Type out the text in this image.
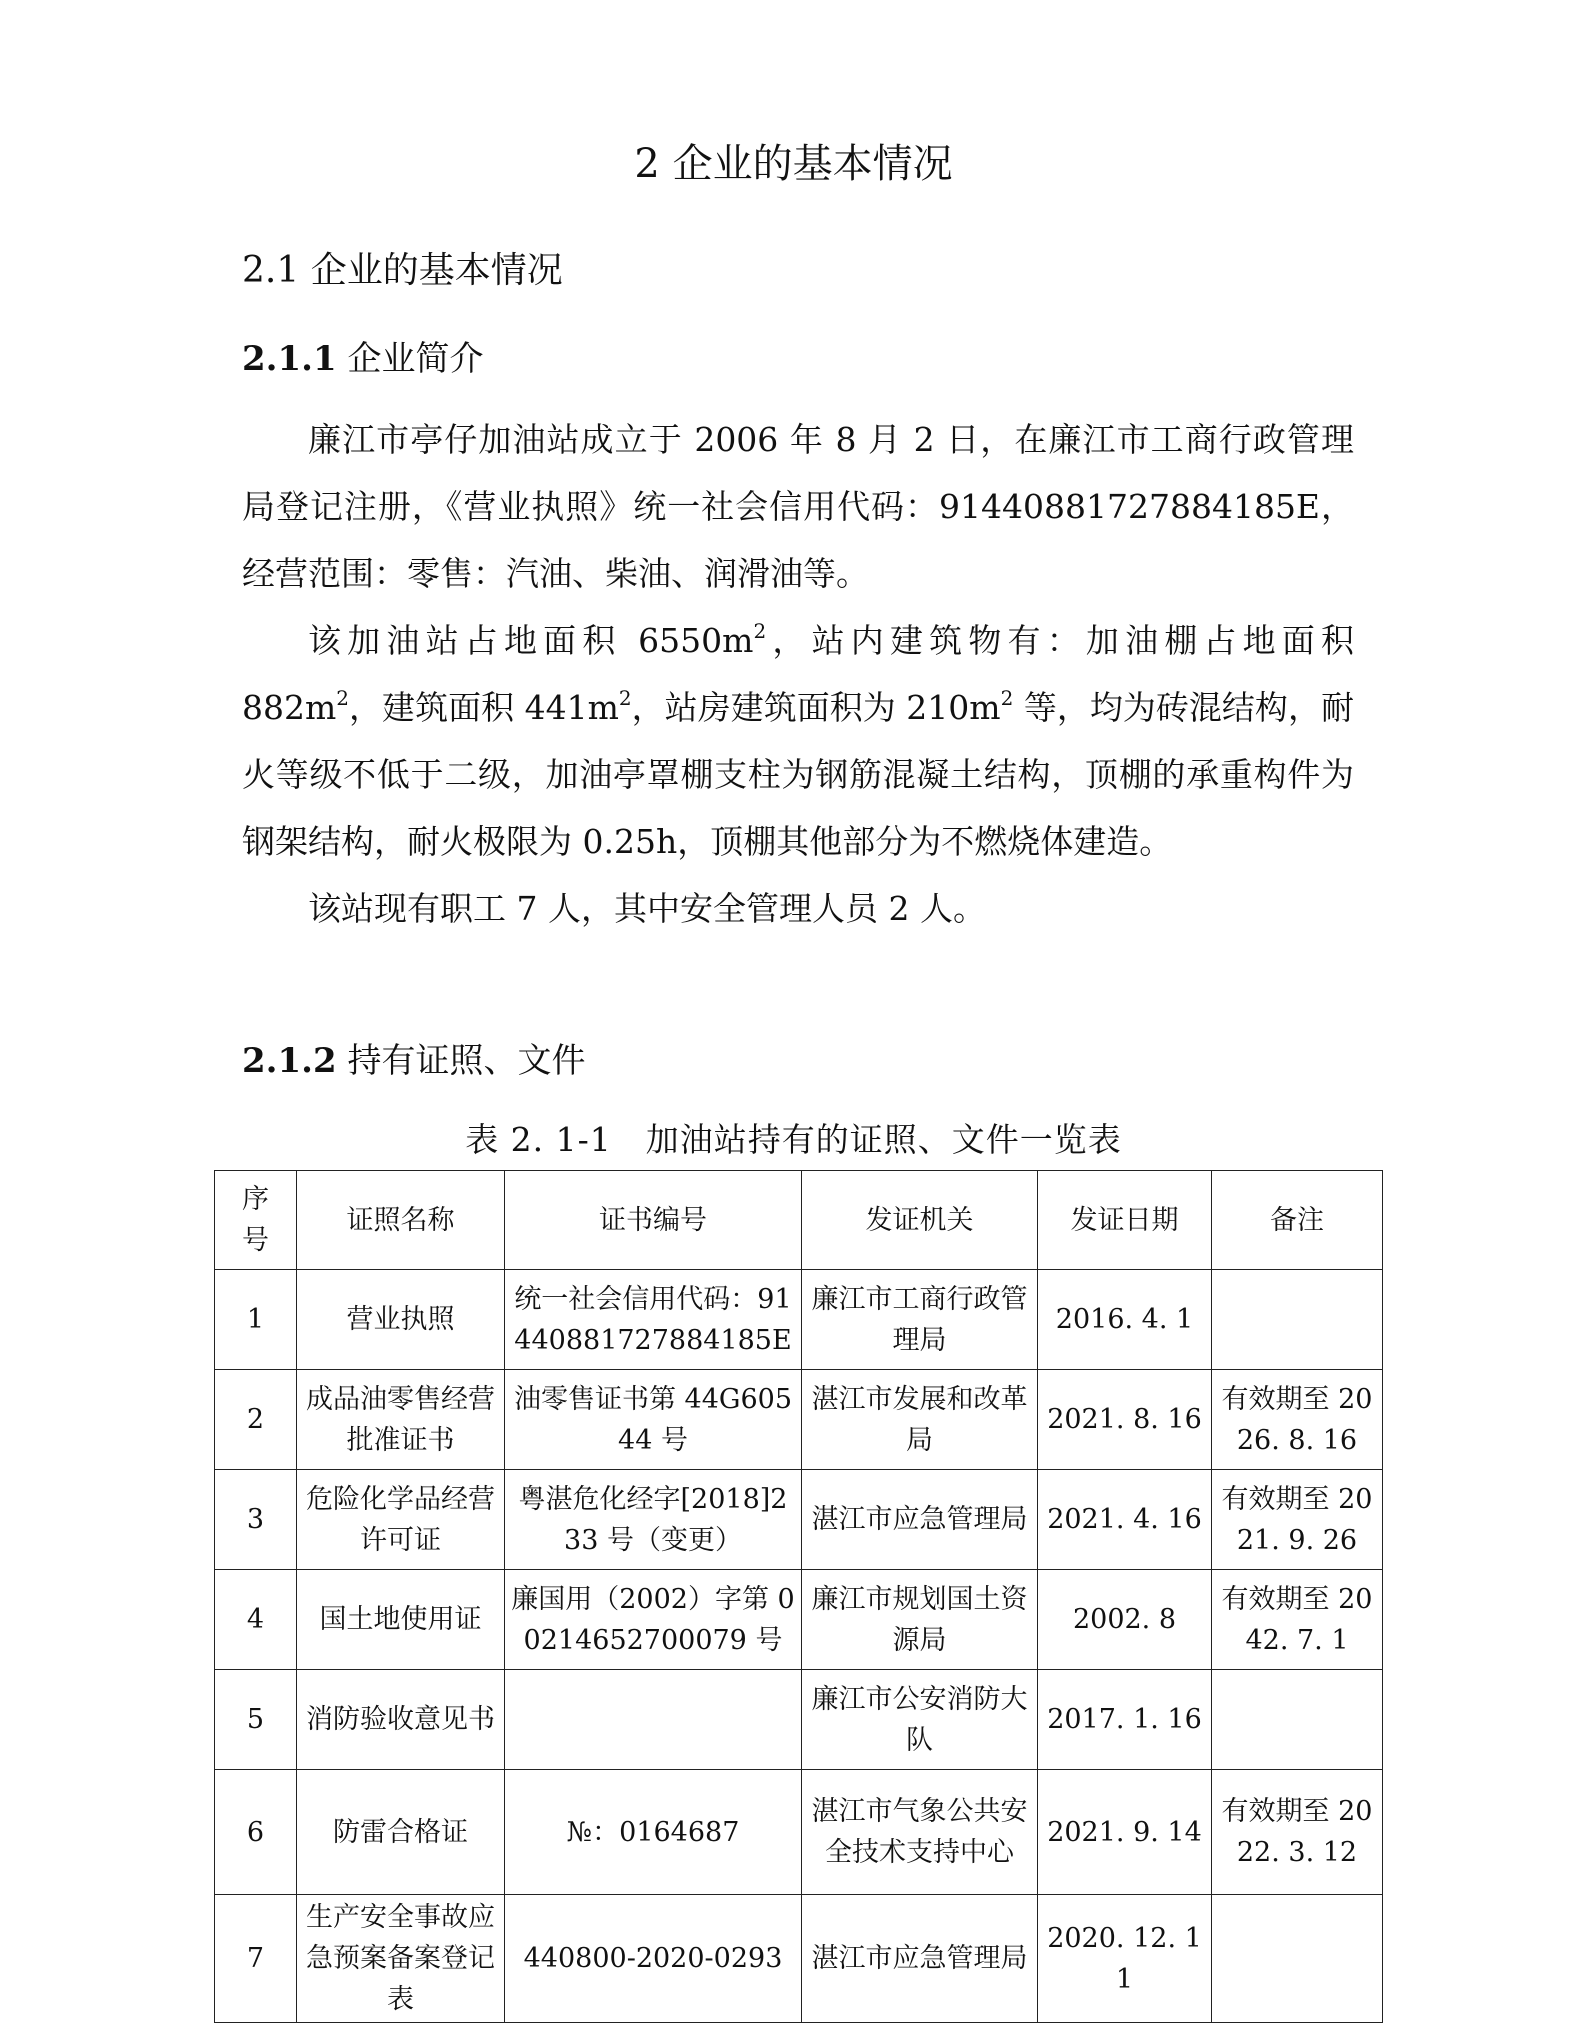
2 企业的基本情况
2.1 企业的基本情况
2.1.1 企业简介

廉江市亭仔加油站成立于 2006 年 8 月 2 日，在廉江市工商行政管理局登记注册，《营业执照》统一社会信用代码：91440881727884185E，经营范围：零售：汽油、柴油、润滑油等。

该加油站占地面积 $6550m^2$，站内建筑物有：加油棚占地面积 $882m^2$，建筑面积 $441m^2$，站房建筑面积为 $210m^2$ 等，均为砖混结构，耐火等级不低于二级，加油亭罩棚支柱为钢筋混凝土结构，顶棚的承重构件为钢架结构，耐火极限为 0.25h，顶棚其他部分为不燃烧体建造。

该站现有职工 7 人，其中安全管理人员 2 人。

2.1.2 持有证照、文件
表 2. 1-1　加油站持有的证照、文件一览表
序号	证照名称	证书编号	发证机关	发证日期	备注
1	营业执照	统一社会信用代码：91440881727884185E	廉江市工商行政管理局	2016. 4. 1	
2	成品油零售经营批准证书	油零售证书第 44G60544 号	湛江市发展和改革局	2021. 8. 16	有效期至 2026. 8. 16
3	危险化学品经营许可证	粤湛危化经字[2018]233 号（变更）	湛江市应急管理局	2021. 4. 16	有效期至 2021. 9. 26
4	国土地使用证	廉国用（2002）字第 00214652700079 号	廉江市规划国土资源局	2002. 8	有效期至 2042. 7. 1
5	消防验收意见书		廉江市公安消防大队	2017. 1. 16	
6	防雷合格证	№：0164687	湛江市气象公共安全技术支持中心	2021. 9. 14	有效期至 2022. 3. 12
7	生产安全事故应急预案备案登记表	440800-2020-0293	湛江市应急管理局	2020. 12. 11	
